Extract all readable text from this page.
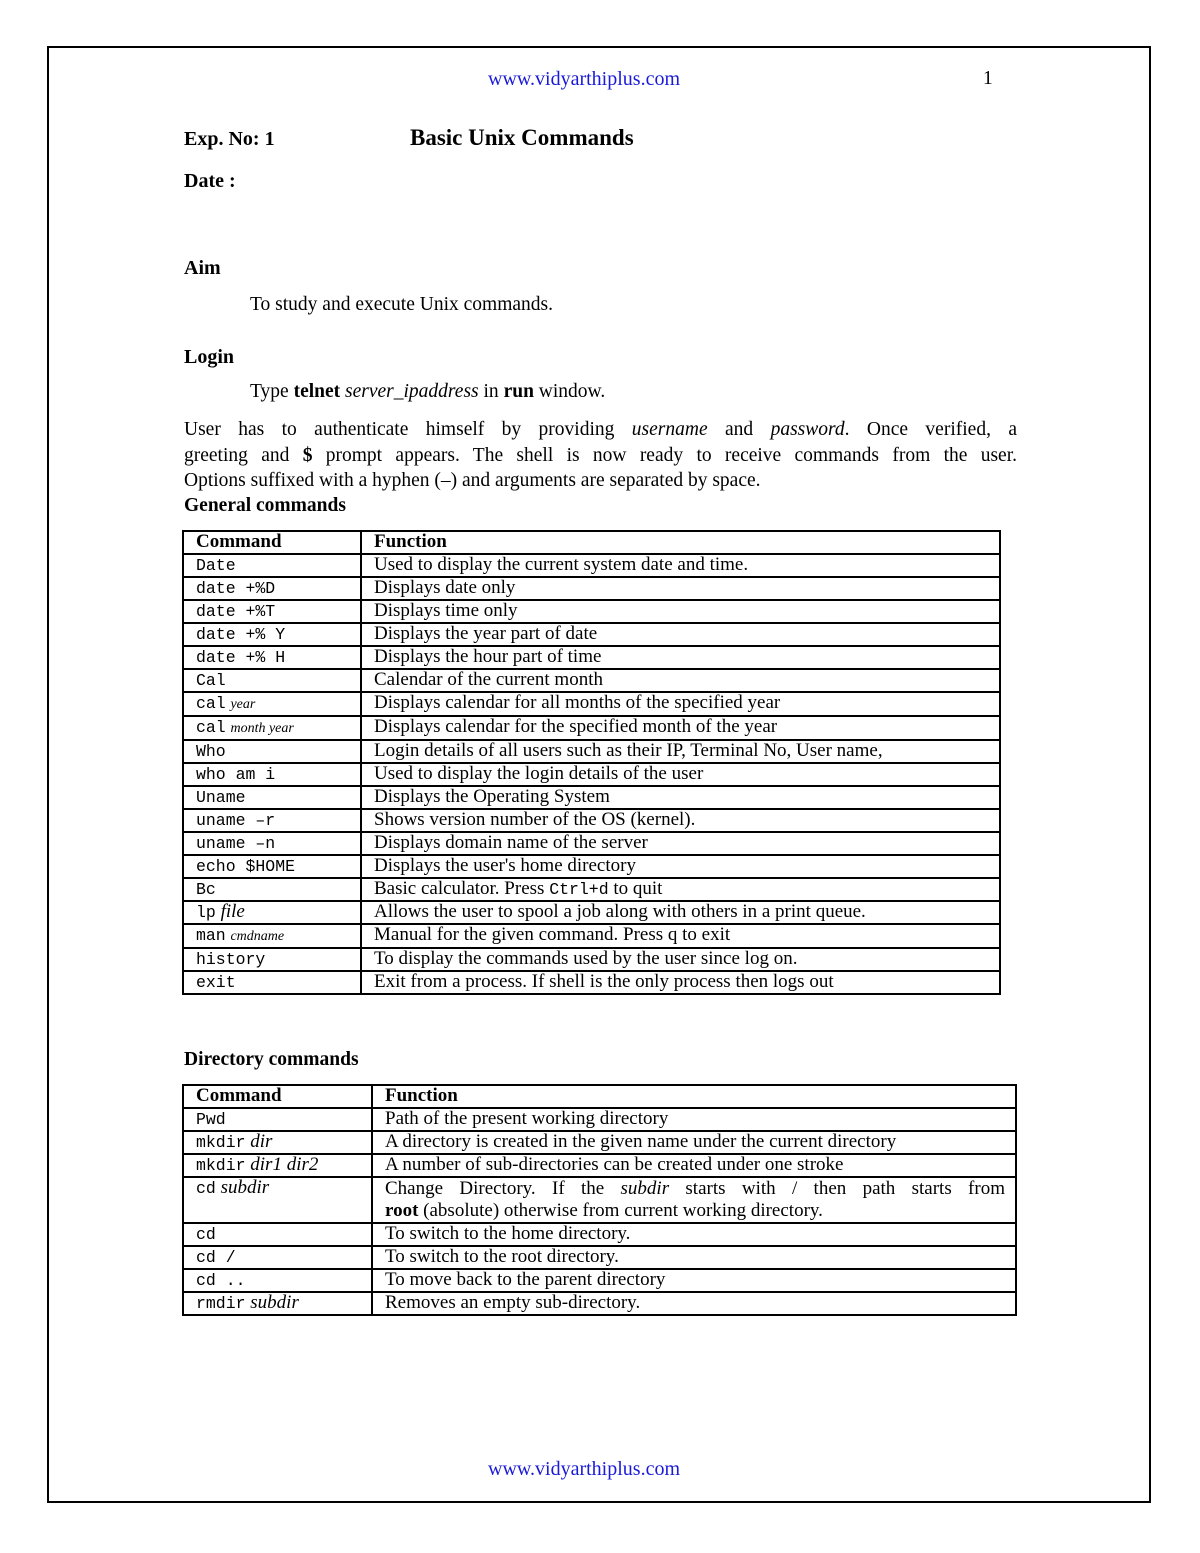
www.vidyarthiplus.com	1
Exp. No: 1	Basic Unix Commands
Date :
Aim
To study and execute Unix commands.
Login
Type telnet server_ipaddress in run window.
User has to authenticate himself by providing username and password. Once verified, a
greeting and $ prompt appears. The shell is now ready to receive commands from the user.
Options suffixed with a hyphen (–) and arguments are separated by space.
General commands
Command	Function
Date	Used to display the current system date and time.
date +%D	Displays date only
date +%T	Displays time only
date +% Y	Displays the year part of date
date +% H	Displays the hour part of time
Cal	Calendar of the current month
cal year	Displays calendar for all months of the specified year
cal month year	Displays calendar for the specified month of the year
Who	Login details of all users such as their IP, Terminal No, User name,
who am i	Used to display the login details of the user
Uname	Displays the Operating System
uname –r	Shows version number of the OS (kernel).
uname –n	Displays domain name of the server
echo $HOME	Displays the user's home directory
Bc	Basic calculator. Press Ctrl+d to quit
lp file	Allows the user to spool a job along with others in a print queue.
man cmdname	Manual for the given command. Press q to exit
history	To display the commands used by the user since log on.
exit	Exit from a process. If shell is the only process then logs out
Directory commands
Command	Function
Pwd	Path of the present working directory
mkdir dir	A directory is created in the given name under the current directory
mkdir dir1 dir2	A number of sub-directories can be created under one stroke
cd subdir	Change Directory. If the subdir starts with / then path starts from
root (absolute) otherwise from current working directory.

cd	To switch to the home directory.
cd /	To switch to the root directory.
cd ..	To move back to the parent directory
rmdir subdir	Removes an empty sub-directory.
www.vidyarthiplus.com
